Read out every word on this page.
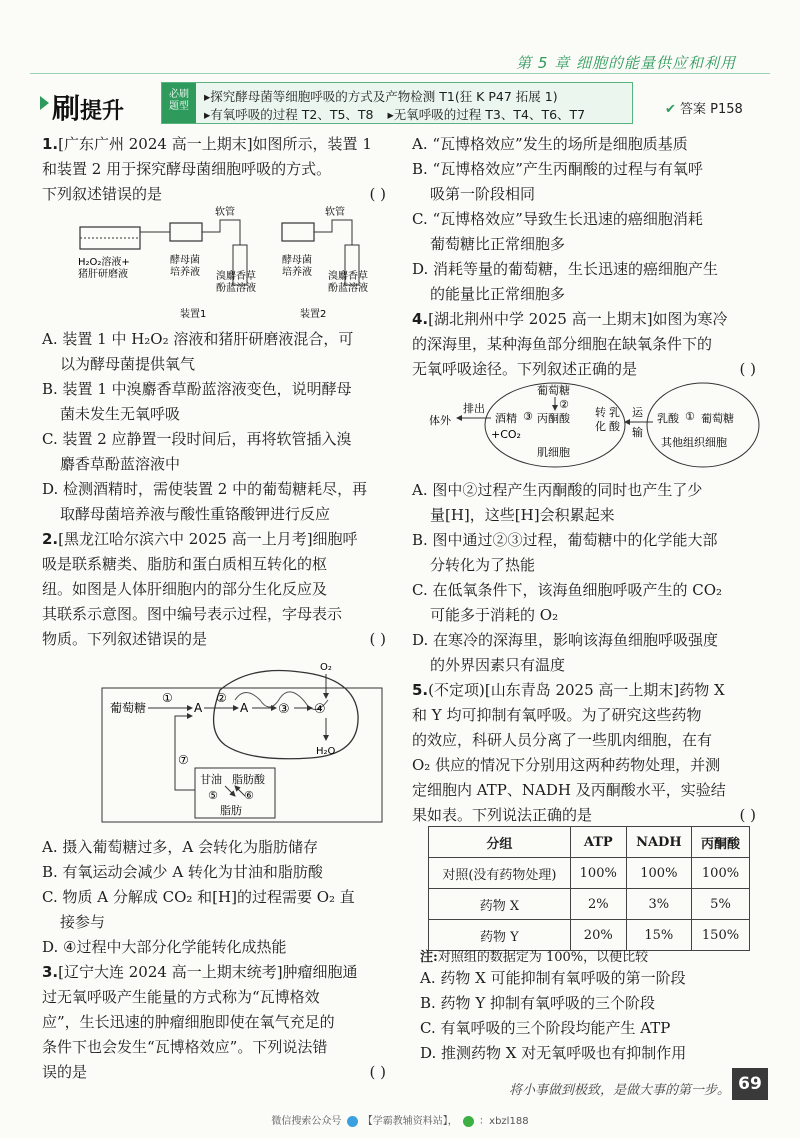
第 5 章 细胞的能量供应和利用
刷提升
必刷
题型
▸探究酵母菌等细胞呼吸的方式及产物检测 T1(狂 K P47 拓展 1)
▸有氧呼吸的过程 T2、T5、T8 ▸无氧呼吸的过程 T3、T4、T6、T7	✔ 答案 P158
1.[广东广州 2024 高一上期末]如图所示，装置 1
和装置 2 用于探究酵母菌细胞呼吸的方式。
下列叙述错误的是	( )
软管
H₂O₂溶液+
猪肝研磨液
酵母菌
培养液 溴麝香草
酚蓝溶液
软管
酵母菌
培养液 溴麝香草
酚蓝溶液
装置1	装置2
A. 装置 1 中 H₂O₂ 溶液和猪肝研磨液混合，可
以为酵母菌提供氧气
B. 装置 1 中溴麝香草酚蓝溶液变色，说明酵母
菌未发生无氧呼吸
C. 装置 2 应静置一段时间后，再将软管插入溴
麝香草酚蓝溶液中
D. 检测酒精时，需使装置 2 中的葡萄糖耗尽，再
取酵母菌培养液与酸性重铬酸钾进行反应
2.[黑龙江哈尔滨六中 2025 高一上月考]细胞呼
吸是联系糖类、脂肪和蛋白质相互转化的枢
纽。如图是人体肝细胞内的部分生化反应及
其联系示意图。图中编号表示过程，字母表示
物质。下列叙述错误的是	( )
葡萄糖
①
A
②
A ③ ④
O₂
H₂O
甘油 脂肪酸
⑤ ⑥
脂肪
⑦
A. 摄入葡萄糖过多，A 会转化为脂肪储存
B. 有氧运动会减少 A 转化为甘油和脂肪酸
C. 物质 A 分解成 CO₂ 和[H]的过程需要 O₂ 直
接参与
D. ④过程中大部分化学能转化成热能
3.[辽宁大连 2024 高一上期末统考]肿瘤细胞通
过无氧呼吸产生能量的方式称为“瓦博格效
应”，生长迅速的肿瘤细胞即使在氧气充足的
条件下也会发生“瓦博格效应”。下列说法错
误的是	( )
A. “瓦博格效应”发生的场所是细胞质基质
B. “瓦博格效应”产生丙酮酸的过程与有氧呼
吸第一阶段相同
C. “瓦博格效应”导致生长迅速的癌细胞消耗
葡萄糖比正常细胞多
D. 消耗等量的葡萄糖，生长迅速的癌细胞产生
的能量比正常细胞多
4.[湖北荆州中学 2025 高一上期末]如图为寒冷
的深海里，某种海鱼部分细胞在缺氧条件下的
无氧呼吸途径。下列叙述正确的是	( )
体外
排出
酒精
+CO₂
③ 丙酮酸
葡萄糖
②
转
化
乳
酸
肌细胞
运
输
乳酸 ① 葡萄糖
其他组织细胞
A. 图中②过程产生丙酮酸的同时也产生了少
量[H]，这些[H]会积累起来
B. 图中通过②③过程，葡萄糖中的化学能大部
分转化为了热能
C. 在低氧条件下，该海鱼细胞呼吸产生的 CO₂
可能多于消耗的 O₂
D. 在寒冷的深海里，影响该海鱼细胞呼吸强度
的外界因素只有温度
5.(不定项)[山东青岛 2025 高一上期末]药物 X
和 Y 均可抑制有氧呼吸。为了研究这些药物
的效应，科研人员分离了一些肌肉细胞，在有
O₂ 供应的情况下分别用这两种药物处理，并测
定细胞内 ATP、NADH 及丙酮酸水平，实验结
果如表。下列说法正确的是	( )
分组	ATP	NADH	丙酮酸
对照(没有药物处理)	100%	100%	100%
药物 X	2%	3%	5%
药物 Y	20%	15%	150%
注:对照组的数据定为 100%，以便比较
A. 药物 X 可能抑制有氧呼吸的第一阶段
B. 药物 Y 抑制有氧呼吸的三个阶段
C. 有氧呼吸的三个阶段均能产生 ATP
D. 推测药物 X 对无氧呼吸也有抑制作用
将小事做到极致，是做大事的第一步。 69
微信搜索公众号 【学霸教辅资料站】， ：xbzl188
